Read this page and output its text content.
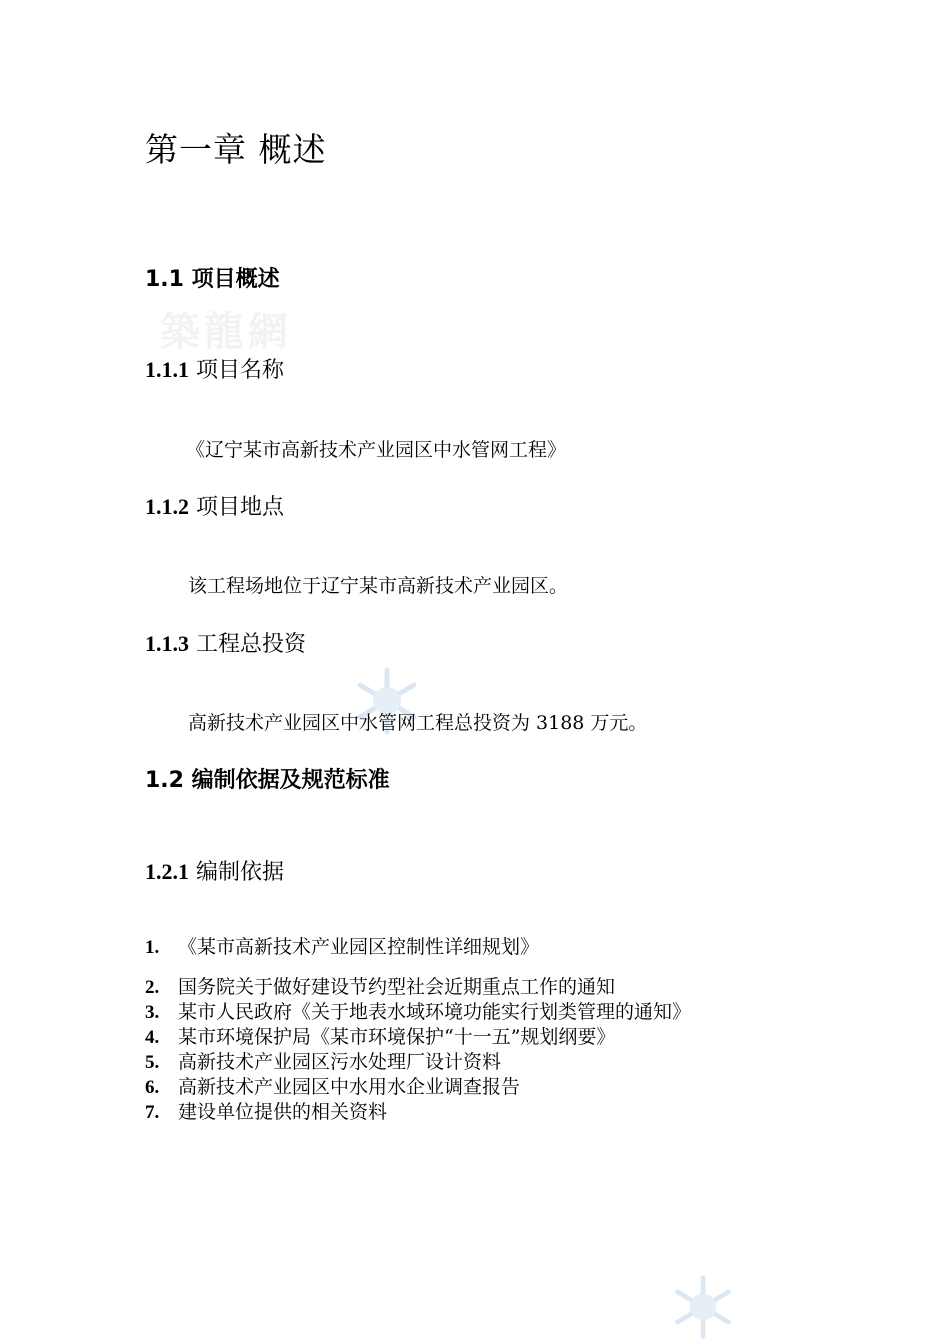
築龍網
第一章 概述
1.1 项目概述
1.1.1 项目名称
《辽宁某市高新技术产业园区中水管网工程》
1.1.2 项目地点
该工程场地位于辽宁某市高新技术产业园区。
1.1.3 工程总投资
高新技术产业园区中水管网工程总投资为 3188 万元。
1.2 编制依据及规范标准
1.2.1 编制依据
1. 《某市高新技术产业园区控制性详细规划》
2. 国务院关于做好建设节约型社会近期重点工作的通知
3. 某市人民政府《关于地表水域环境功能实行划类管理的通知》
4. 某市环境保护局《某市环境保护“十一五”规划纲要》
5. 高新技术产业园区污水处理厂设计资料
6. 高新技术产业园区中水用水企业调查报告
7. 建设单位提供的相关资料
